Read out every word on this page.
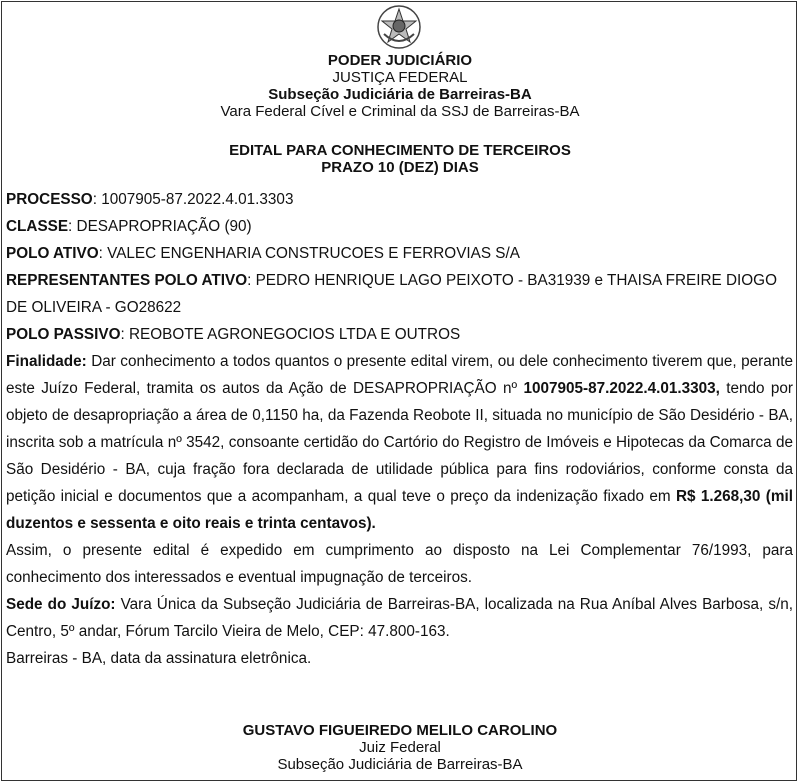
PODER JUDICIÁRIO
JUSTIÇA FEDERAL
Subseção Judiciária de Barreiras-BA
Vara Federal Cível e Criminal da SSJ de Barreiras-BA
EDITAL PARA CONHECIMENTO DE TERCEIROS
PRAZO 10 (DEZ) DIAS

PROCESSO: 1007905-87.2022.4.01.3303

CLASSE: DESAPROPRIAÇÃO (90)

POLO ATIVO: VALEC ENGENHARIA CONSTRUCOES E FERROVIAS S/A

REPRESENTANTES POLO ATIVO: PEDRO HENRIQUE LAGO PEIXOTO - BA31939 e THAISA FREIRE DIOGO DE OLIVEIRA - GO28622

POLO PASSIVO: REOBOTE AGRONEGOCIOS LTDA E OUTROS

Finalidade: Dar conhecimento a todos quantos o presente edital virem, ou dele conhecimento tiverem que, perante este Juízo Federal, tramita os autos da Ação de DESAPROPRIAÇÃO nº 1007905-87.2022.4.01.3303, tendo por objeto de desapropriação a área de 0,1150 ha, da Fazenda Reobote II, situada no município de São Desidério - BA, inscrita sob a matrícula nº 3542, consoante certidão do Cartório do Registro de Imóveis e Hipotecas da Comarca de São Desidério - BA, cuja fração fora declarada de utilidade pública para fins rodoviários, conforme consta da petição inicial e documentos que a acompanham, a qual teve o preço da indenização fixado em R$ 1.268,30 (mil duzentos e sessenta e oito reais e trinta centavos).

Assim, o presente edital é expedido em cumprimento ao disposto na Lei Complementar 76/1993, para conhecimento dos interessados e eventual impugnação de terceiros.

Sede do Juízo: Vara Única da Subseção Judiciária de Barreiras-BA, localizada na Rua Aníbal Alves Barbosa, s/n, Centro, 5º andar, Fórum Tarcilo Vieira de Melo, CEP: 47.800-163.

Barreiras - BA, data da assinatura eletrônica.

GUSTAVO FIGUEIREDO MELILO CAROLINO
Juiz Federal
Subseção Judiciária de Barreiras-BA
